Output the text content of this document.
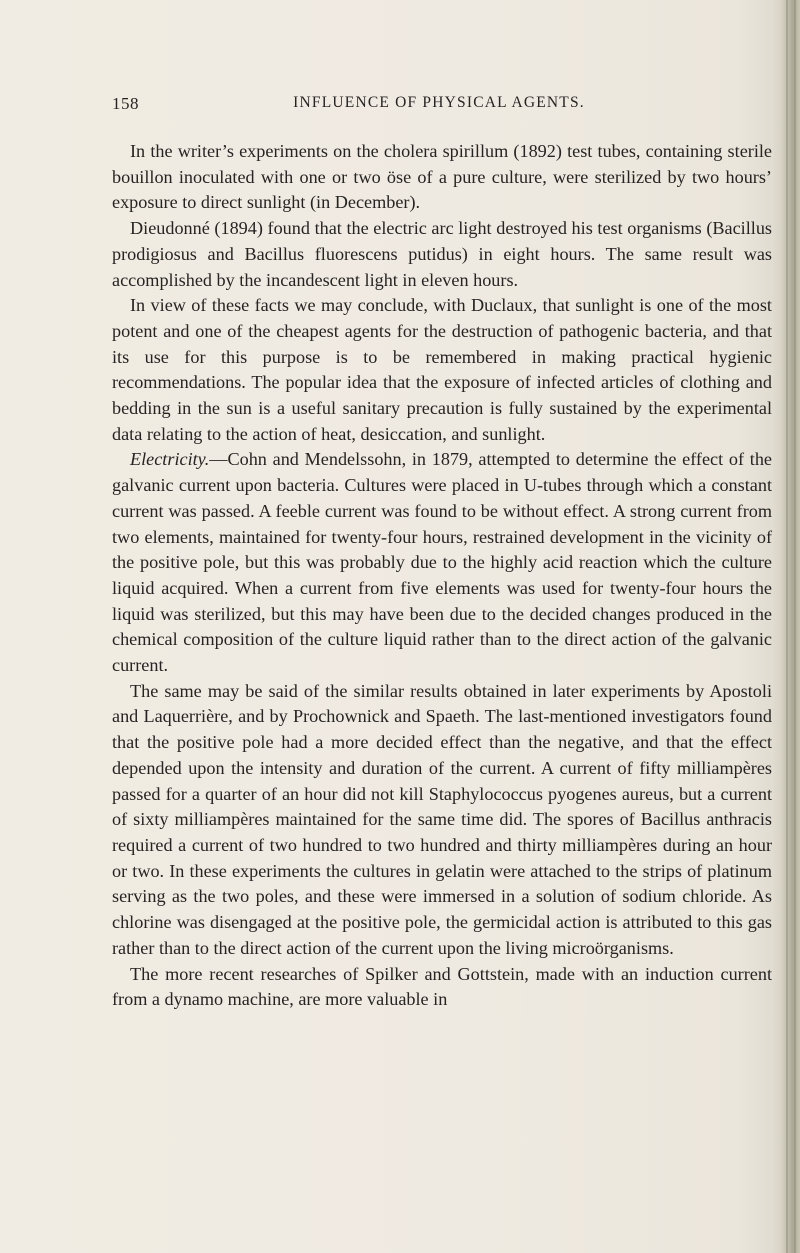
158	INFLUENCE OF PHYSICAL AGENTS.

In the writer’s experiments on the cholera spirillum (1892) test tubes, containing sterile bouillon inoculated with one or two öse of a pure culture, were sterilized by two hours’ exposure to direct sunlight (in December).

Dieudonné (1894) found that the electric arc light destroyed his test organisms (Bacillus prodigiosus and Bacillus fluorescens putidus) in eight hours. The same result was accomplished by the incandescent light in eleven hours.

In view of these facts we may conclude, with Duclaux, that sunlight is one of the most potent and one of the cheapest agents for the destruction of pathogenic bacteria, and that its use for this purpose is to be remembered in making practical hygienic recommendations. The popular idea that the exposure of infected articles of clothing and bedding in the sun is a useful sanitary precaution is fully sustained by the experimental data relating to the action of heat, desiccation, and sunlight.

Electricity.—Cohn and Mendelssohn, in 1879, attempted to determine the effect of the galvanic current upon bacteria. Cultures were placed in U-tubes through which a constant current was passed. A feeble current was found to be without effect. A strong current from two elements, maintained for twenty-four hours, restrained development in the vicinity of the positive pole, but this was probably due to the highly acid reaction which the culture liquid acquired. When a current from five elements was used for twenty-four hours the liquid was sterilized, but this may have been due to the decided changes produced in the chemical composition of the culture liquid rather than to the direct action of the galvanic current.

The same may be said of the similar results obtained in later experiments by Apostoli and Laquerrière, and by Prochownick and Spaeth. The last-mentioned investigators found that the positive pole had a more decided effect than the negative, and that the effect depended upon the intensity and duration of the current. A current of fifty milliampères passed for a quarter of an hour did not kill Staphylococcus pyogenes aureus, but a current of sixty milliampères maintained for the same time did. The spores of Bacillus anthracis required a current of two hundred to two hundred and thirty milliampères during an hour or two. In these experiments the cultures in gelatin were attached to the strips of platinum serving as the two poles, and these were immersed in a solution of sodium chloride. As chlorine was disengaged at the positive pole, the germicidal action is attributed to this gas rather than to the direct action of the current upon the living microörganisms.

The more recent researches of Spilker and Gottstein, made with an induction current from a dynamo machine, are more valuable in
